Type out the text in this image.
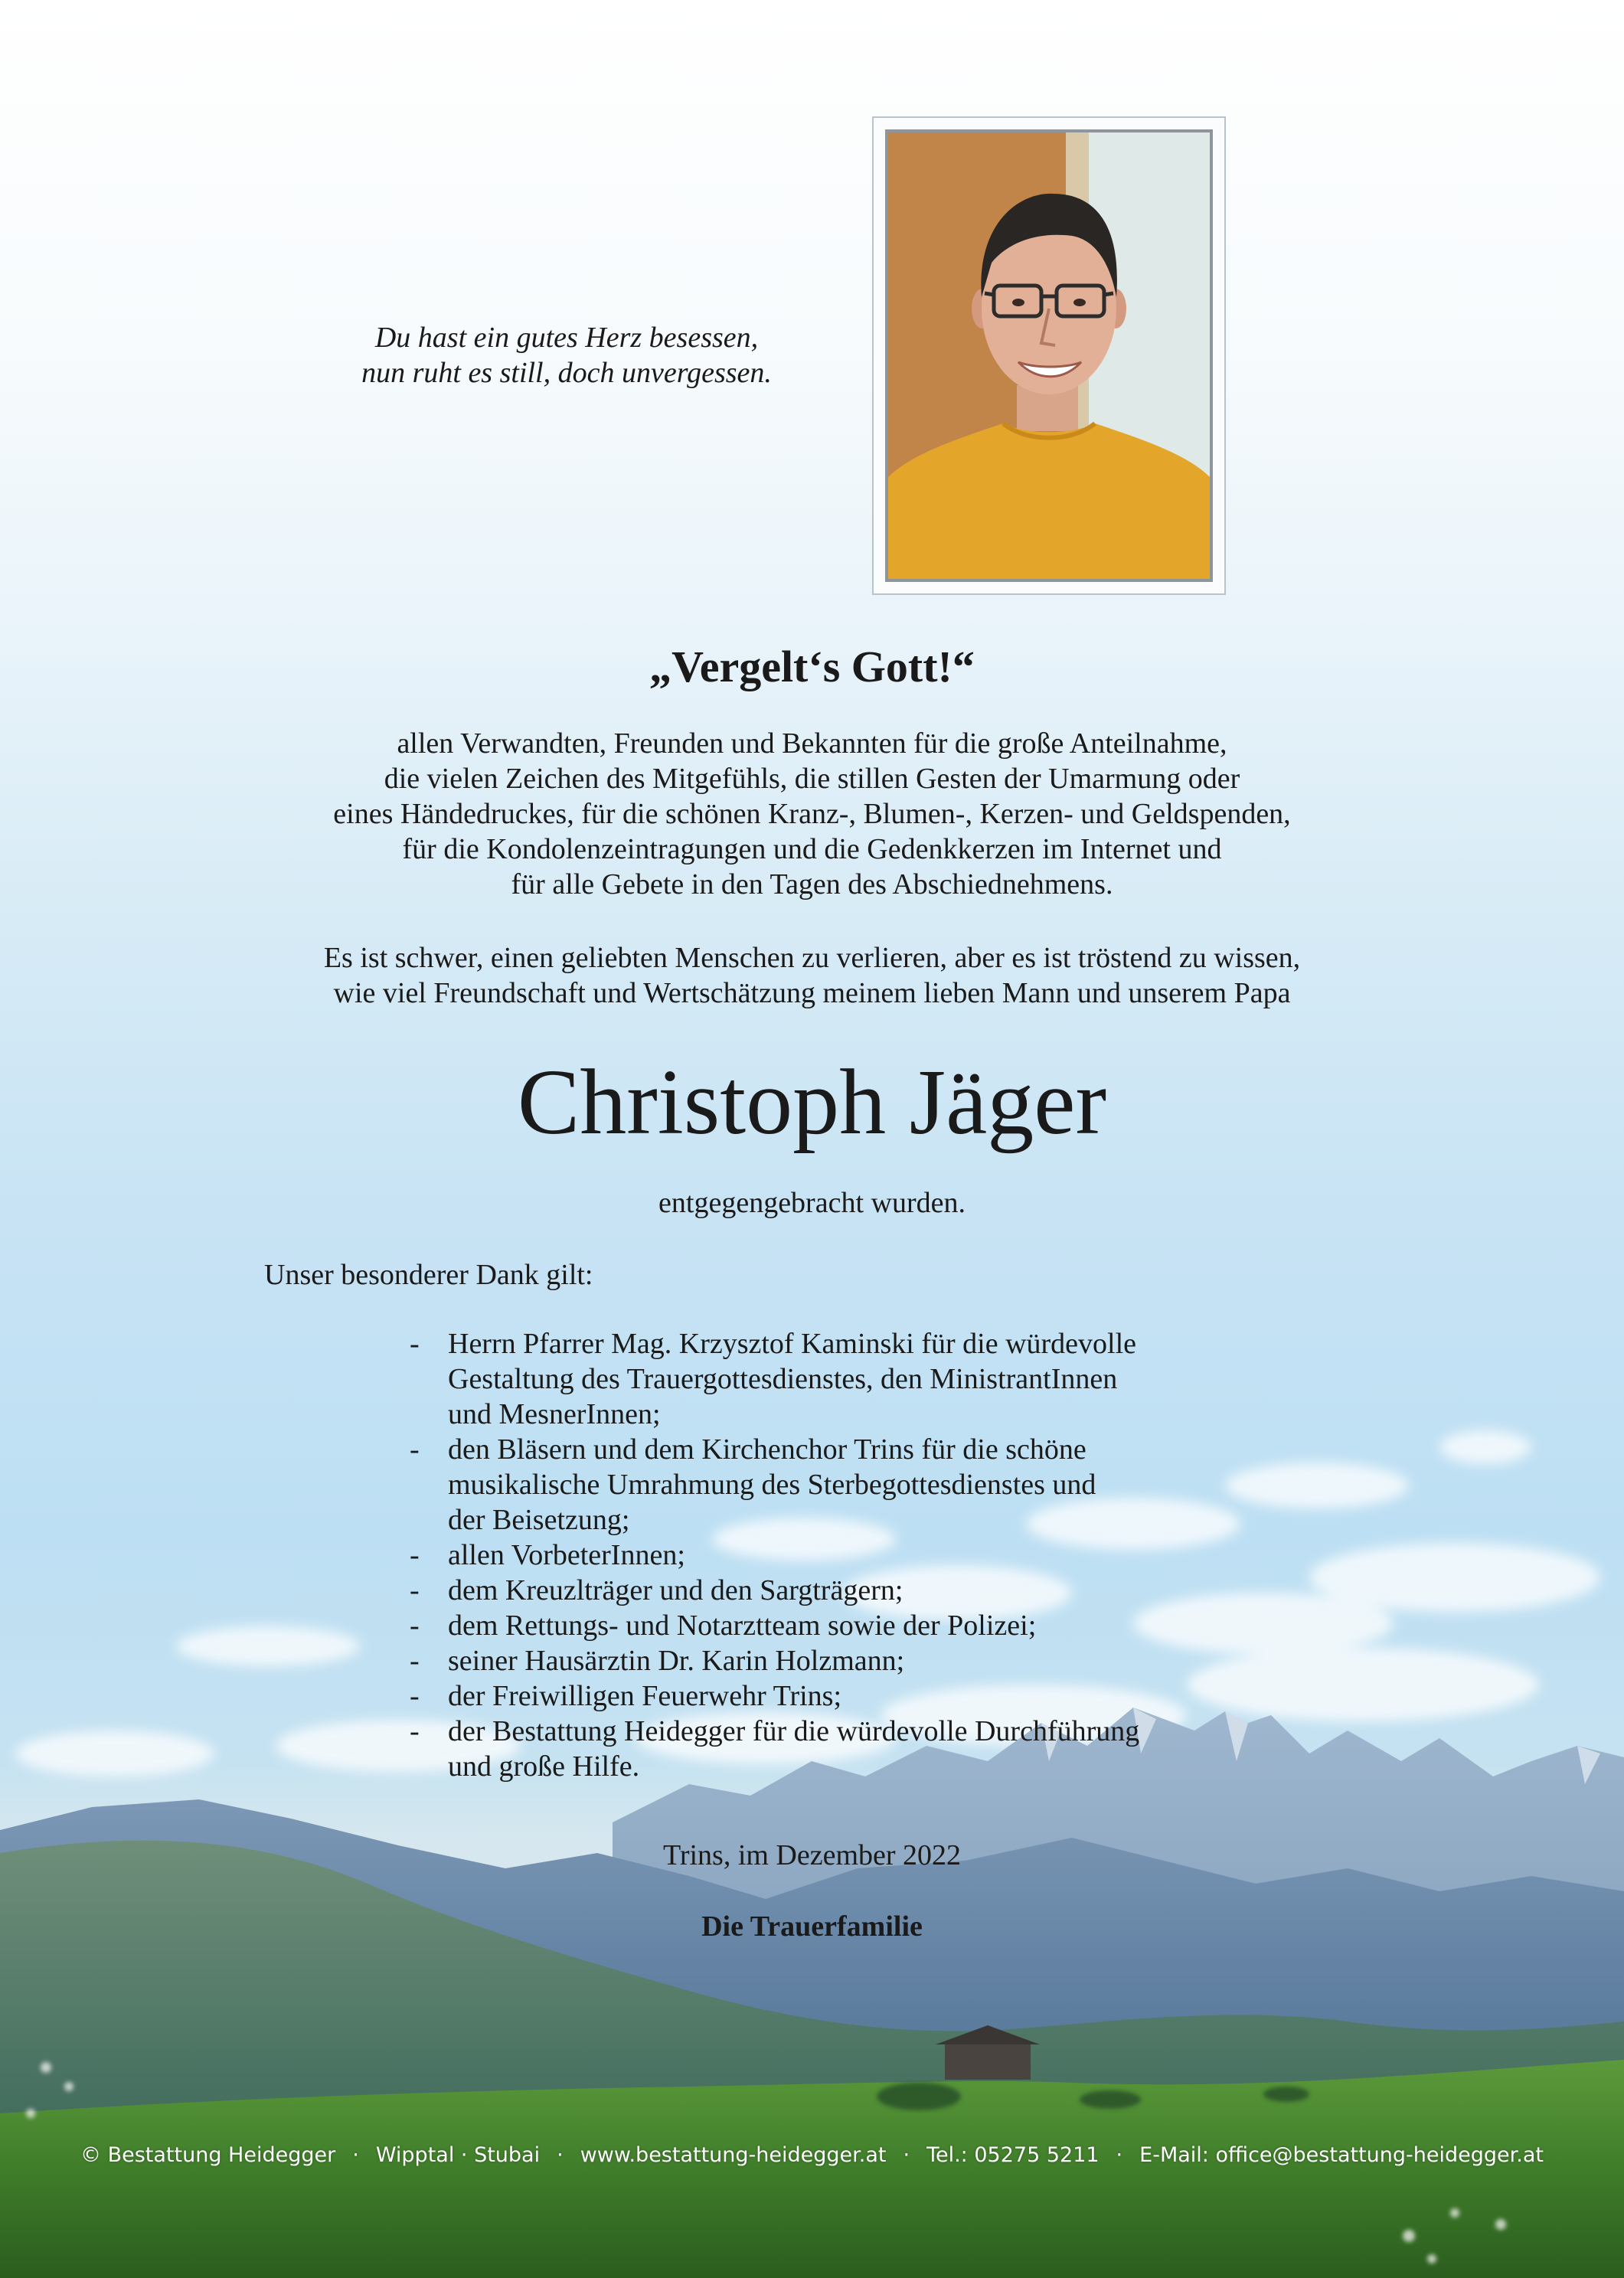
Du hast ein gutes Herz besessen,
nun ruht es still, doch unvergessen.
„Vergelt‘s Gott!“
allen Verwandten, Freunden und Bekannten für die große Anteilnahme,
die vielen Zeichen des Mitgefühls, die stillen Gesten der Umarmung oder
eines Händedruckes, für die schönen Kranz-, Blumen-, Kerzen- und Geldspenden,
für die Kondolenzeintragungen und die Gedenkkerzen im Internet und
für alle Gebete in den Tagen des Abschiednehmens.
Es ist schwer, einen geliebten Menschen zu verlieren, aber es ist tröstend zu wissen,
wie viel Freundschaft und Wertschätzung meinem lieben Mann und unserem Papa
Christoph Jäger
entgegengebracht wurden.
Unser besonderer Dank gilt:
- Herrn Pfarrer Mag. Krzysztof Kaminski für die würdevolle
Gestaltung des Trauergottesdienstes, den MinistrantInnen
und MesnerInnen;
- den Bläsern und dem Kirchenchor Trins für die schöne
musikalische Umrahmung des Sterbegottesdienstes und
der Beisetzung;
- allen VorbeterInnen;
- dem Kreuzlträger und den Sargträgern;
- dem Rettungs- und Notarztteam sowie der Polizei;
- seiner Hausärztin Dr. Karin Holzmann;
- der Freiwilligen Feuerwehr Trins;
- der Bestattung Heidegger für die würdevolle Durchführung
und große Hilfe.
Trins, im Dezember 2022
Die Trauerfamilie
© Bestattung Heidegger · Wipptal · Stubai · www.bestattung-heidegger.at · Tel.: 05275 5211 · E-Mail: office@bestattung-heidegger.at
